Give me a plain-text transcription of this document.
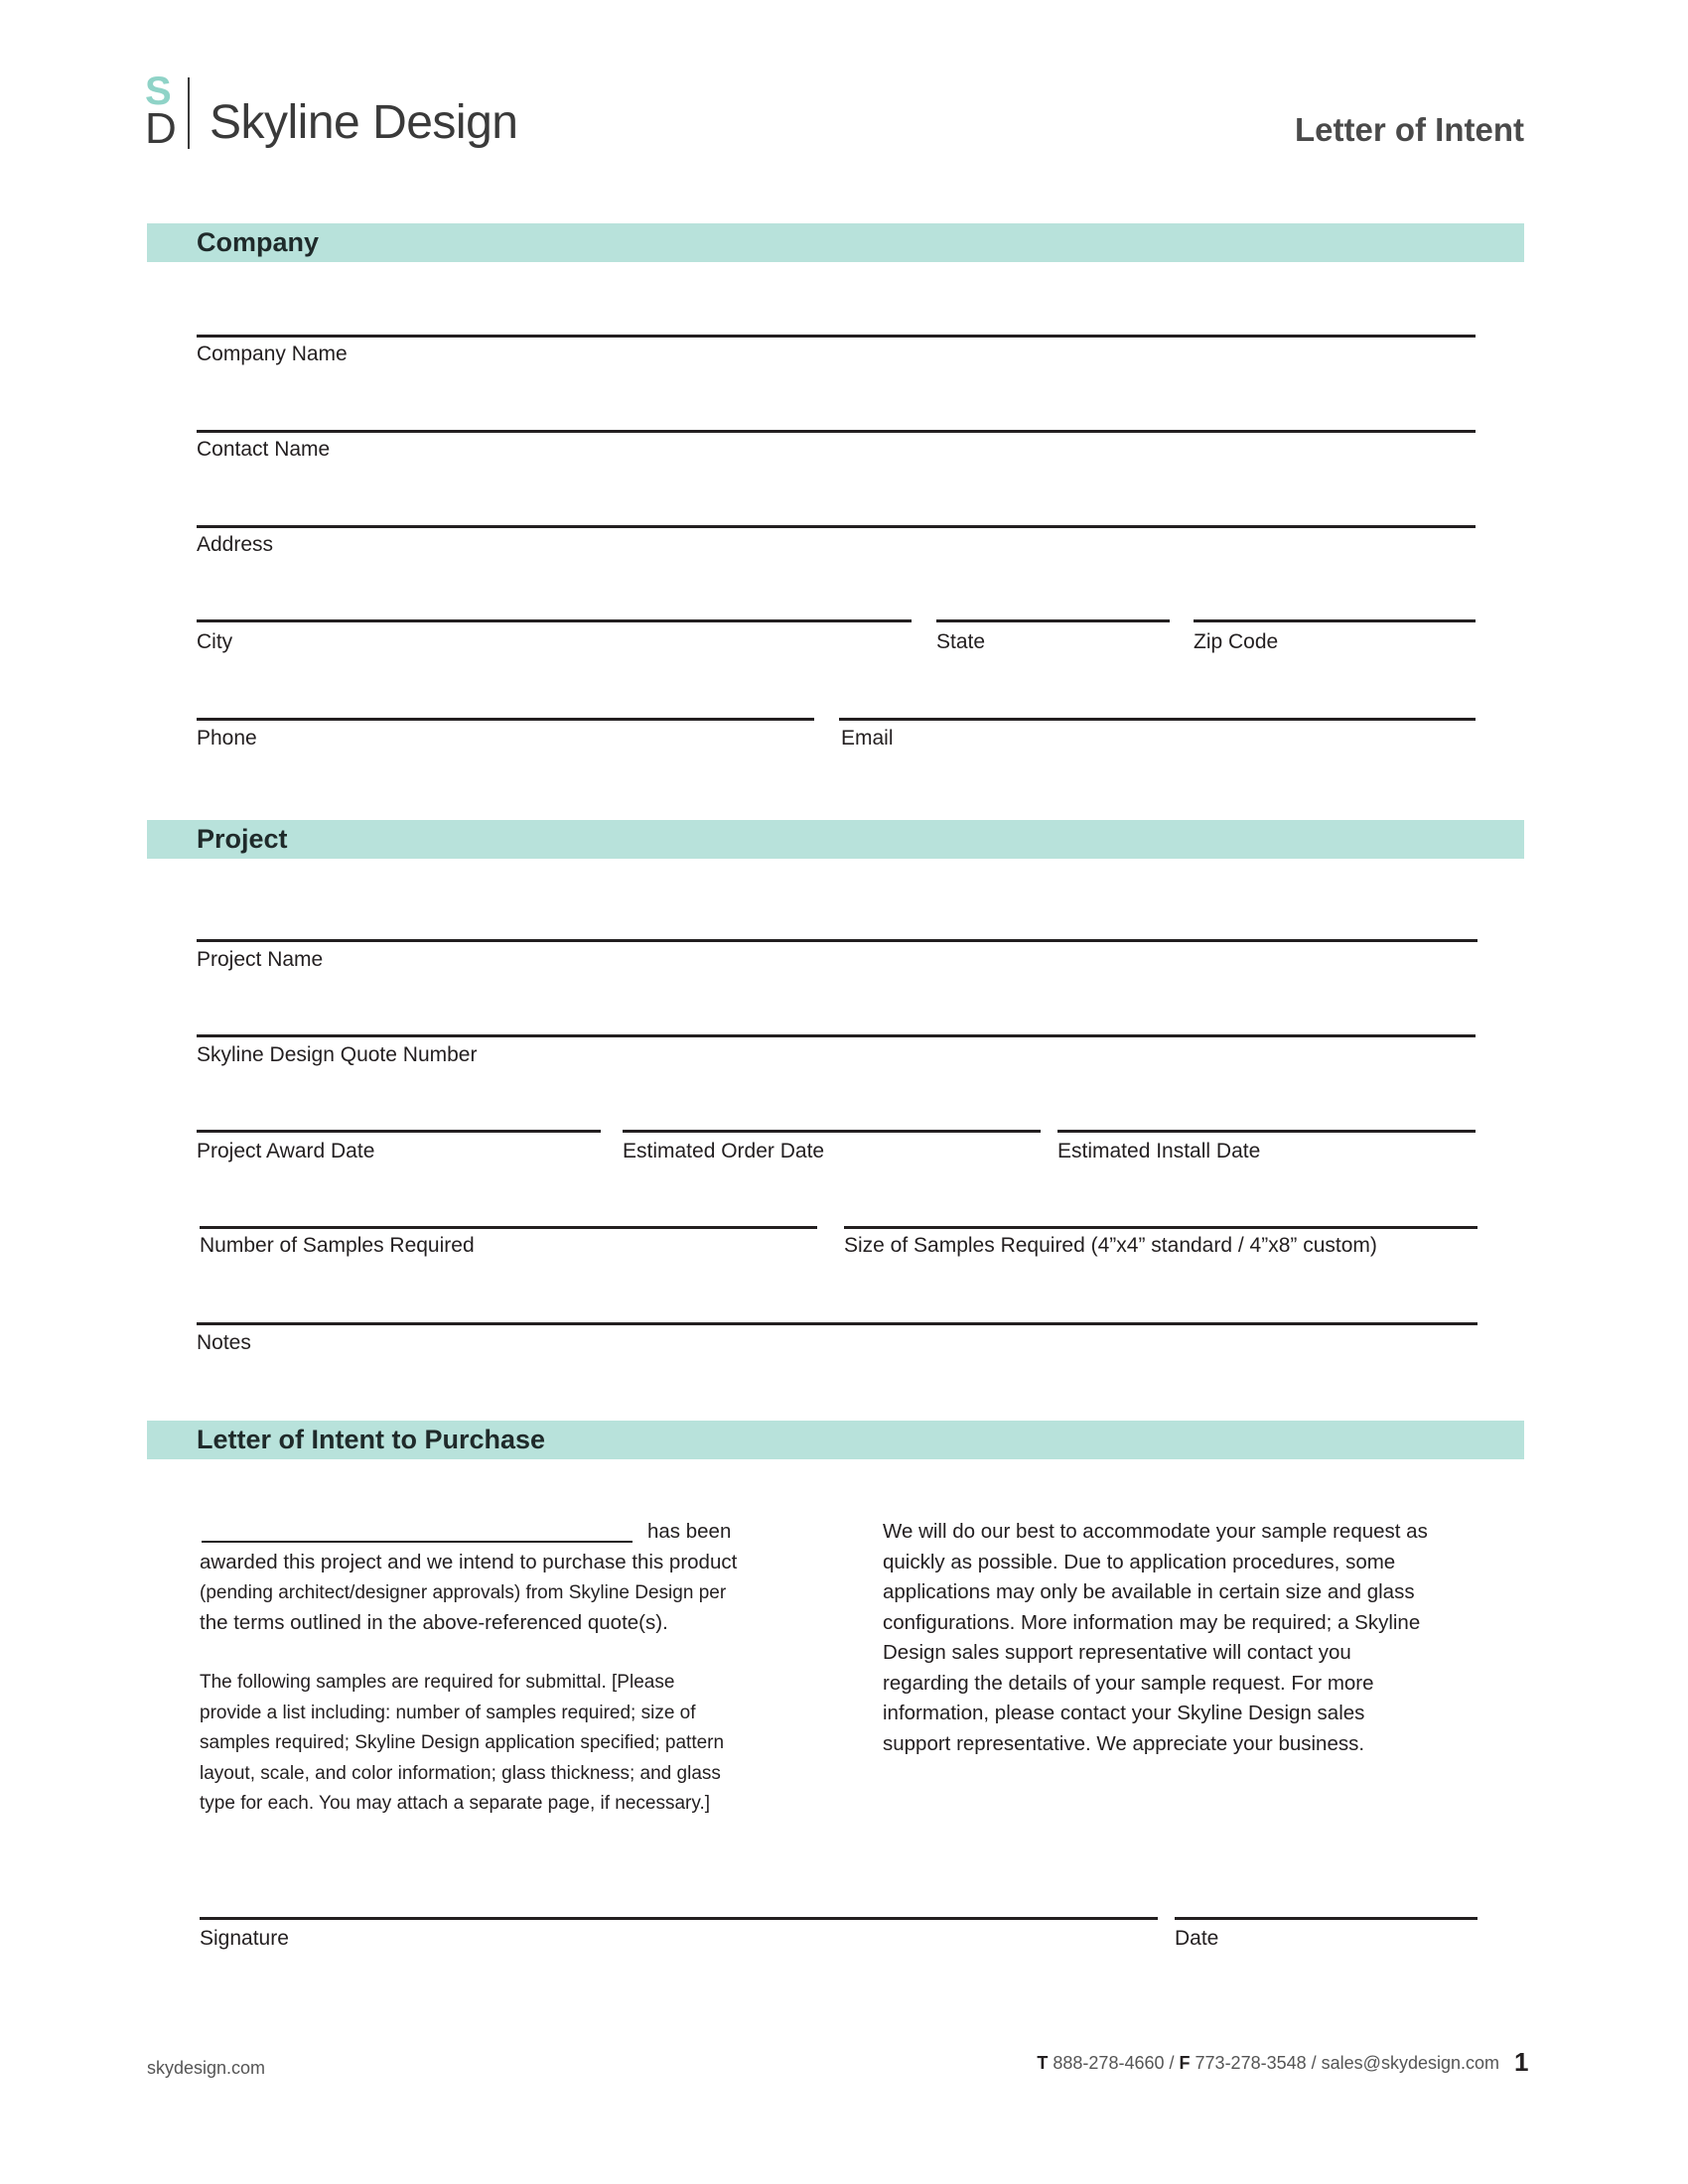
S
D Skyline Design	Letter of Intent
Company
Company Name
Contact Name
Address
City	State	Zip Code
Phone	Email
Project
Project Name
Skyline Design Quote Number
Project Award Date	Estimated Order Date	Estimated Install Date
Number of Samples Required	Size of Samples Required (4”x4” standard / 4”x8” custom)
Notes
Letter of Intent to Purchase
has been
awarded this project and we intend to purchase this product
(pending architect/designer approvals) from Skyline Design per
the terms outlined in the above-referenced quote(s).
The following samples are required for submittal. [Please
provide a list including: number of samples required; size of
samples required; Skyline Design application specified; pattern
layout, scale, and color information; glass thickness; and glass
type for each. You may attach a separate page, if necessary.]
We will do our best to accommodate your sample request as
quickly as possible. Due to application procedures, some
applications may only be available in certain size and glass
configurations. More information may be required; a Skyline
Design sales support representative will contact you
regarding the details of your sample request. For more
information, please contact your Skyline Design sales
support representative. We appreciate your business.
Signature	Date
skydesign.com	T 888-278-4660 / F 773-278-3548 / sales@skydesign.com 1
